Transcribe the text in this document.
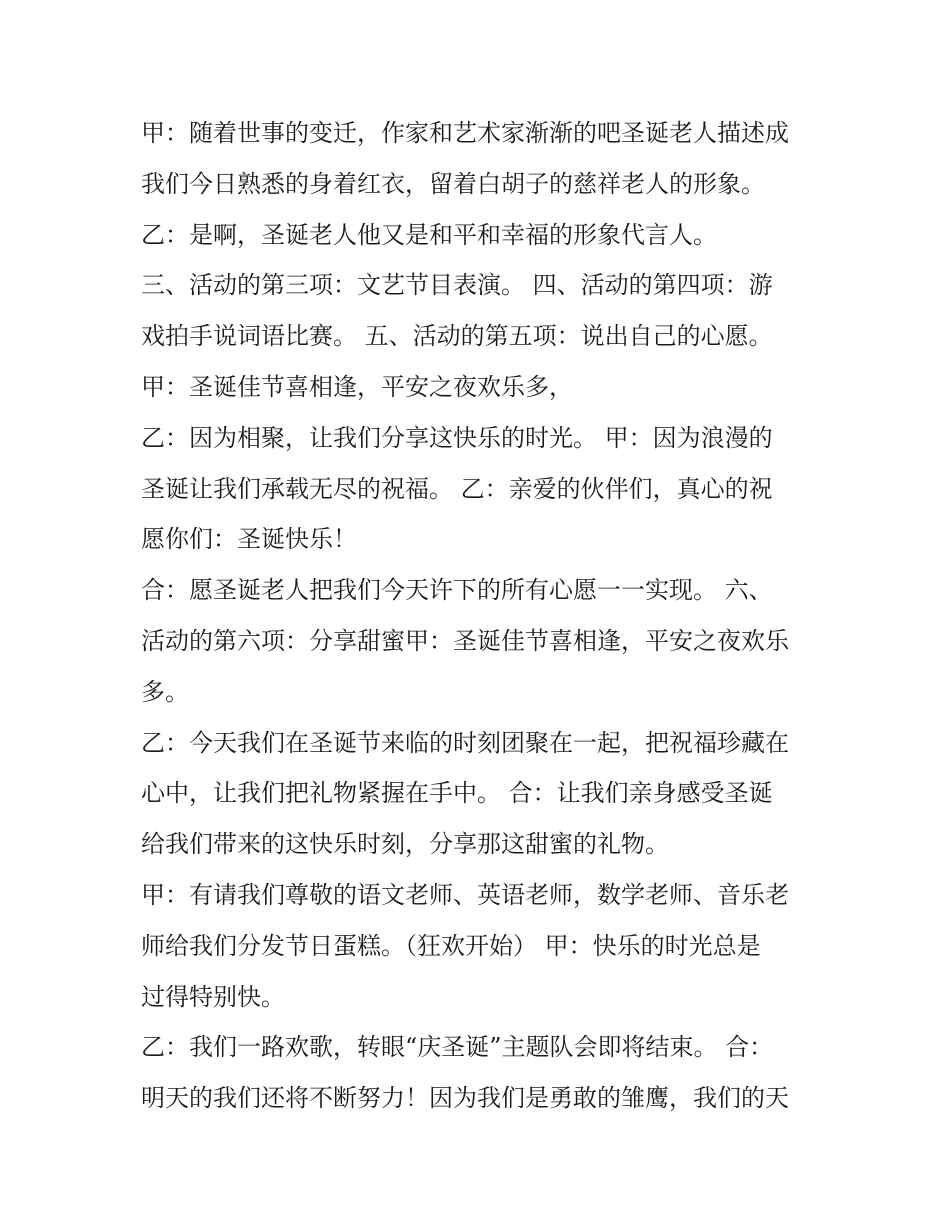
甲：随着世事的变迁，作家和艺术家渐渐的吧圣诞老人描述成
我们今日熟悉的身着红衣，留着白胡子的慈祥老人的形象。
乙：是啊，圣诞老人他又是和平和幸福的形象代言人。
三、活动的第三项：文艺节目表演。 四、活动的第四项：游
戏拍手说词语比赛。 五、活动的第五项：说出自己的心愿。
甲：圣诞佳节喜相逢，平安之夜欢乐多，
乙：因为相聚，让我们分享这快乐的时光。 甲：因为浪漫的
圣诞让我们承载无尽的祝福。 乙：亲爱的伙伴们，真心的祝
愿你们：圣诞快乐！
合：愿圣诞老人把我们今天许下的所有心愿一一实现。 六、
活动的第六项：分享甜蜜甲：圣诞佳节喜相逢，平安之夜欢乐
多。
乙：今天我们在圣诞节来临的时刻团聚在一起，把祝福珍藏在
心中，让我们把礼物紧握在手中。 合：让我们亲身感受圣诞
给我们带来的这快乐时刻，分享那这甜蜜的礼物。
甲：有请我们尊敬的语文老师、英语老师，数学老师、音乐老
师给我们分发节日蛋糕。（狂欢开始） 甲：快乐的时光总是
过得特别快。
乙：我们一路欢歌，转眼“庆圣诞”主题队会即将结束。 合：
明天的我们还将不断努力！因为我们是勇敢的雏鹰，我们的天
